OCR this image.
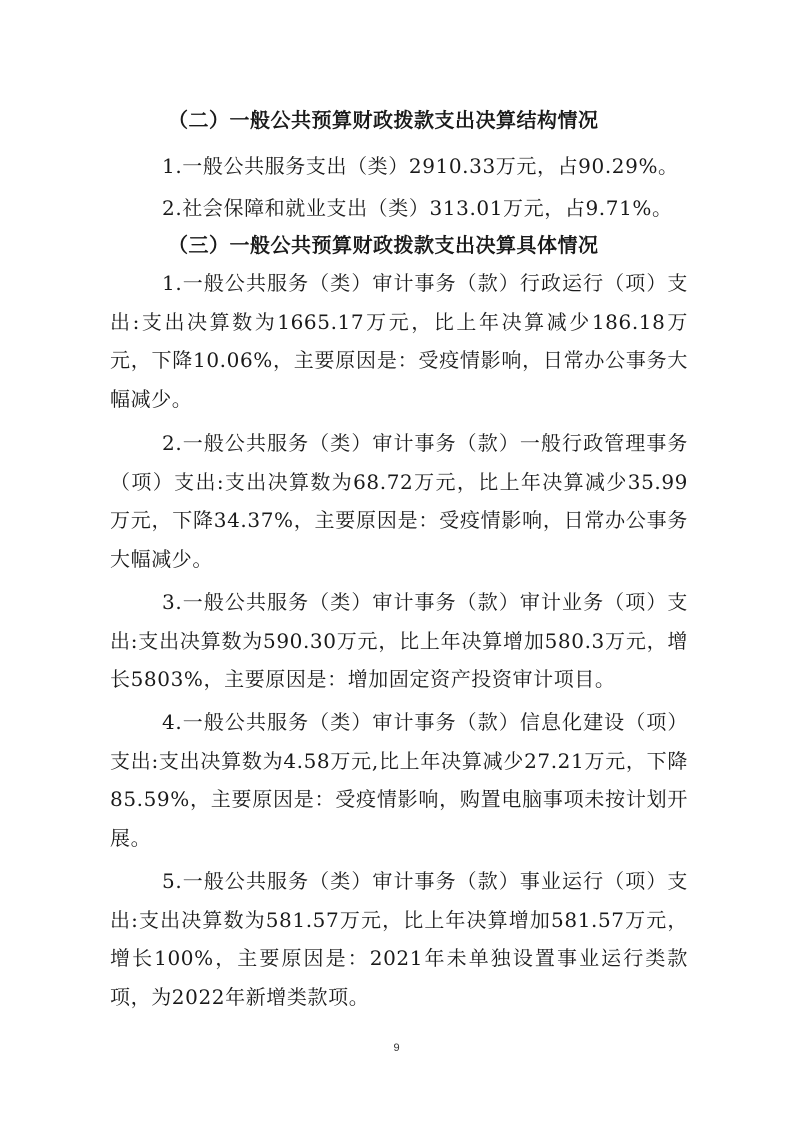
（二）一般公共预算财政拨款支出决算结构情况
1.一般公共服务支出（类）2910.33万元，占90.29%。
2.社会保障和就业支出（类）313.01万元，占9.71%。
（三）一般公共预算财政拨款支出决算具体情况
1.一般公共服务（类）审计事务（款）行政运行（项）支出:支出决算数为1665.17万元，比上年决算减少186.18万元，下降10.06%，主要原因是：受疫情影响，日常办公事务大幅减少。
2.一般公共服务（类）审计事务（款）一般行政管理事务（项）支出:支出决算数为68.72万元，比上年决算减少35.99万元，下降34.37%，主要原因是：受疫情影响，日常办公事务大幅减少。
3.一般公共服务（类）审计事务（款）审计业务（项）支出:支出决算数为590.30万元，比上年决算增加580.3万元，增长5803%，主要原因是：增加固定资产投资审计项目。
4.一般公共服务（类）审计事务（款）信息化建设（项）支出:支出决算数为4.58万元,比上年决算减少27.21万元，下降85.59%，主要原因是：受疫情影响，购置电脑事项未按计划开展。
5.一般公共服务（类）审计事务（款）事业运行（项）支出:支出决算数为581.57万元，比上年决算增加581.57万元，增长100%，主要原因是：2021年未单独设置事业运行类款项，为2022年新增类款项。
9
